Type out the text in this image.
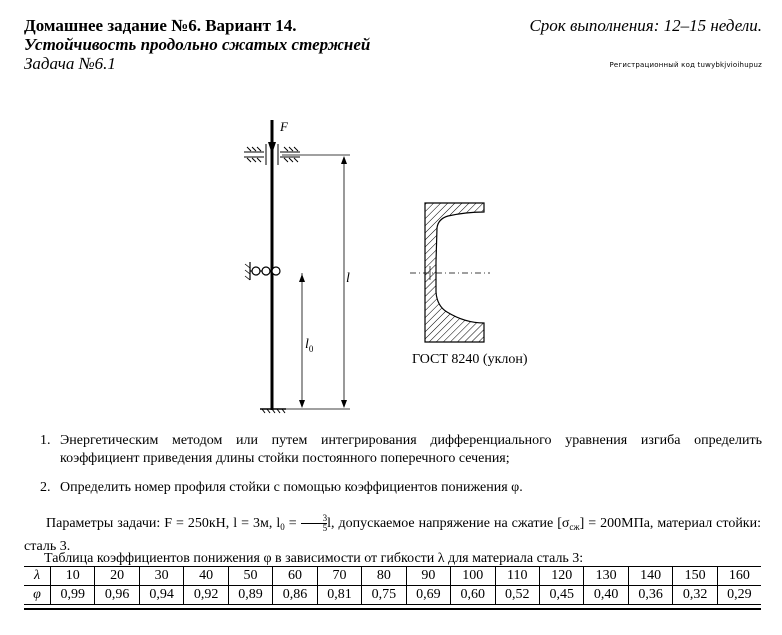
Домашнее задание №6. Вариант 14.
Устойчивость продольно сжатых стержней
Задача №6.1
Срок выполнения: 12–15 недели.
Регистрационный код tuwybkjvioihupuz
F
l
$l_0$
ГОСТ 8240 (уклон)
1. Энергетическим методом или путем интегрирования дифференциального уравнения изгиба определить коэффициент приведения длины стойки постоянного поперечного сечения;
2. Определить номер профиля стойки с помощью коэффициентов понижения φ.
Параметры задачи: F = 250кН, l = 3м, $l_0 = \frac{3}{5} l$, допускаемое напряжение на сжатие $[\sigma_{сж}] = 200МПа$, материал стойки: сталь 3.
Таблица коэффициентов понижения φ в зависимости от гибкости λ для материала сталь 3:
λ	10	20	30	40	50	60	70	80	90	100	110	120	130	140	150	160
φ	0,99	0,96	0,94	0,92	0,89	0,86	0,81	0,75	0,69	0,60	0,52	0,45	0,40	0,36	0,32	0,29
